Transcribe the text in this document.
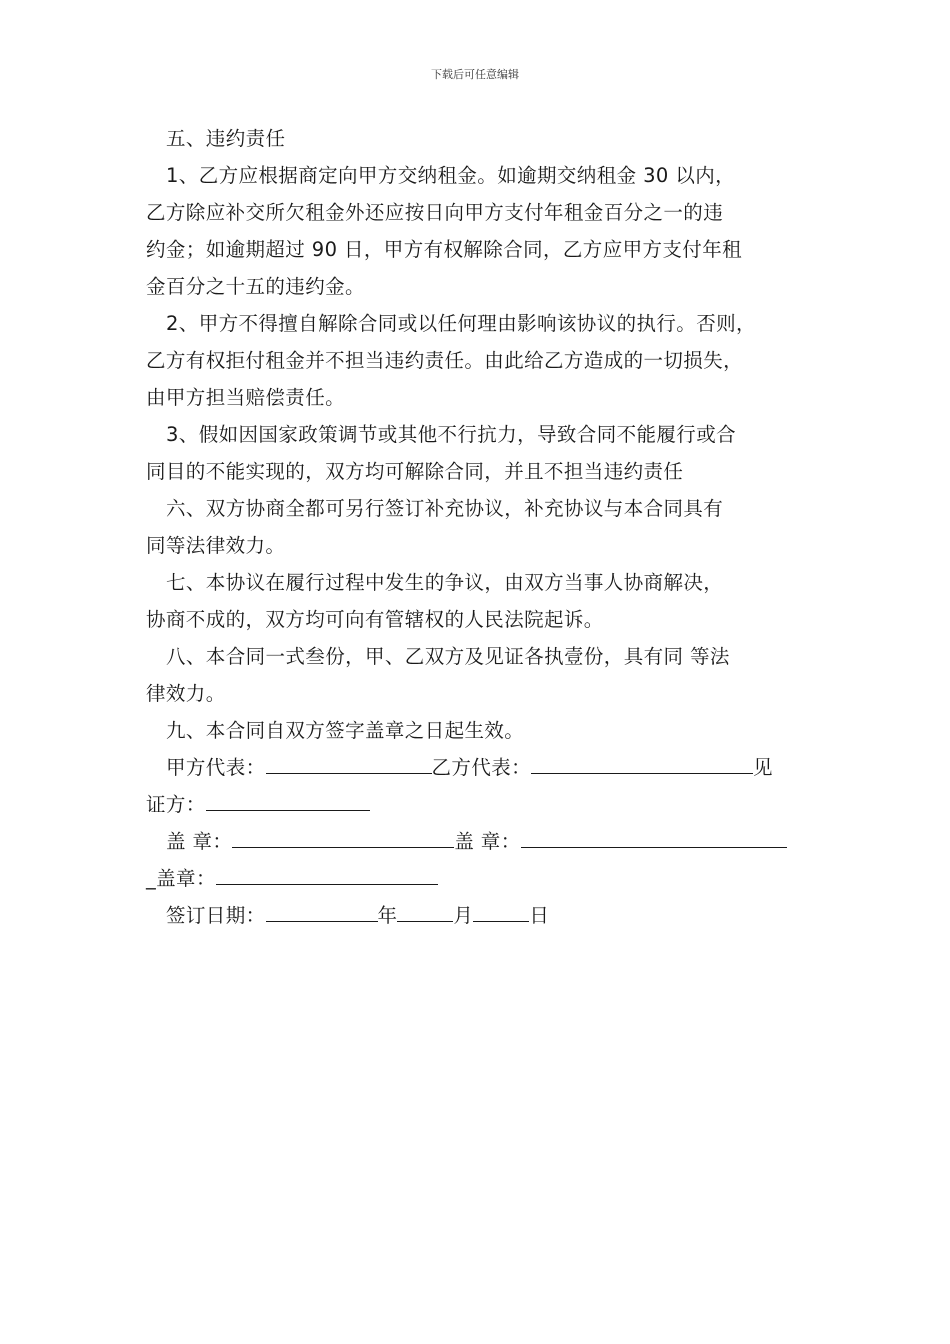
下载后可任意编辑

五、违约责任

1、乙方应根据商定向甲方交纳租金。如逾期交纳租金 30 以内，

乙方除应补交所欠租金外还应按日向甲方支付年租金百分之一的违

约金；如逾期超过 90 日，甲方有权解除合同，乙方应甲方支付年租

金百分之十五的违约金。

2、甲方不得擅自解除合同或以任何理由影响该协议的执行。否则，

乙方有权拒付租金并不担当违约责任。由此给乙方造成的一切损失，

由甲方担当赔偿责任。

3、假如因国家政策调节或其他不行抗力，导致合同不能履行或合

同目的不能实现的，双方均可解除合同，并且不担当违约责任

六、双方协商全都可另行签订补充协议，补充协议与本合同具有

同等法律效力。

七、本协议在履行过程中发生的争议，由双方当事人协商解决，

协商不成的，双方均可向有管辖权的人民法院起诉。

八、本合同一式叁份，甲、乙双方及见证各执壹份，具有同 等法

律效力。

九、本合同自双方签字盖章之日起生效。

甲方代表：	乙方代表：	见

证方：

盖 章：	盖 章：

_盖章：

签订日期：	年	月	日
